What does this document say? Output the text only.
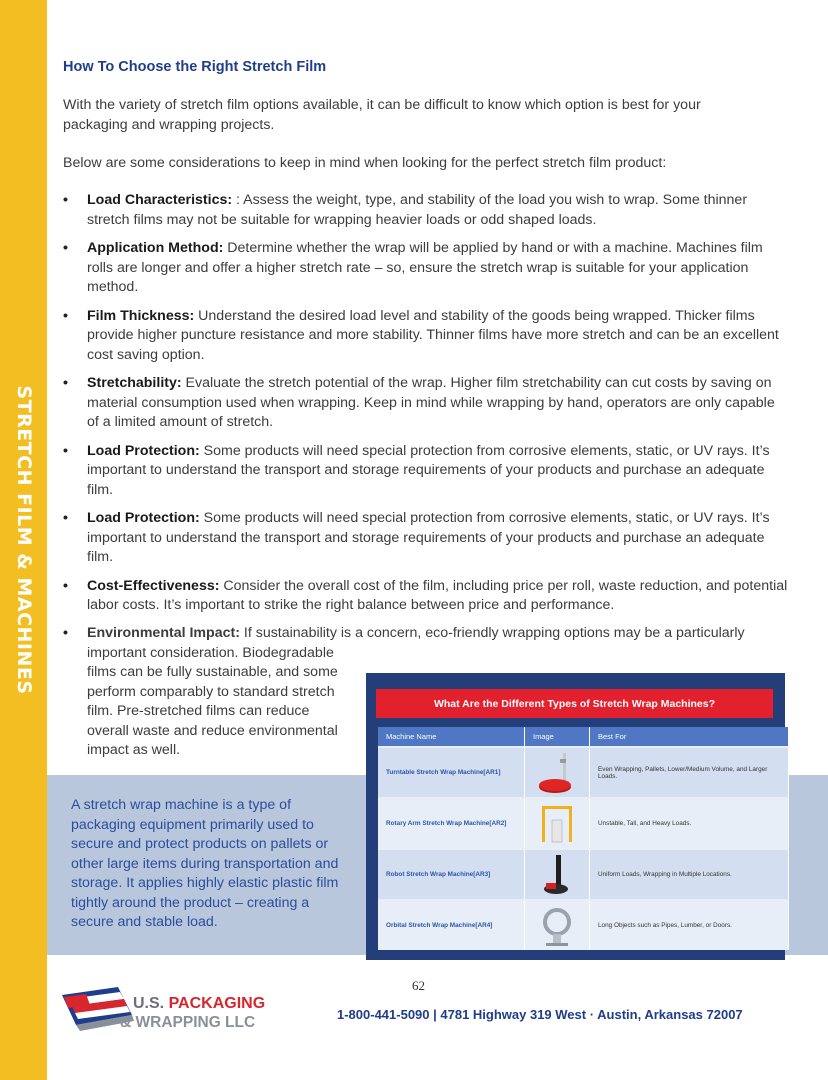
STRETCH FILM & MACHINES
How To Choose the Right Stretch Film
With the variety of stretch film options available, it can be difficult to know which option is best for your packaging and wrapping projects.
Below are some considerations to keep in mind when looking for the perfect stretch film product:
• Load Characteristics: : Assess the weight, type, and stability of the load you wish to wrap. Some thinner stretch films may not be suitable for wrapping heavier loads or odd shaped loads.
• Application Method: Determine whether the wrap will be applied by hand or with a machine. Machines film rolls are longer and offer a higher stretch rate – so, ensure the stretch wrap is suitable for your application method.
• Film Thickness: Understand the desired load level and stability of the goods being wrapped. Thicker films provide higher puncture resistance and more stability. Thinner films have more stretch and can be an excellent cost saving option.
• Stretchability: Evaluate the stretch potential of the wrap. Higher film stretchability can cut costs by saving on material consumption used when wrapping. Keep in mind while wrapping by hand, operators are only capable of a limited amount of stretch.
• Load Protection: Some products will need special protection from corrosive elements, static, or UV rays. It’s important to understand the transport and storage requirements of your products and purchase an adequate film.
• Load Protection: Some products will need special protection from corrosive elements, static, or UV rays. It’s important to understand the transport and storage requirements of your products and purchase an adequate film.
• Cost-Effectiveness: Consider the overall cost of the film, including price per roll, waste reduction, and potential labor costs. It’s important to strike the right balance between price and performance.
•	Environmental Impact: If sustainability is a concern, eco-friendly wrapping options may be a particularly
important consideration. Biodegradable films can be fully sustainable, and some perform comparably to standard stretch film. Pre-stretched films can reduce overall waste and reduce environmental impact as well.
A stretch wrap machine is a type of packaging equipment primarily used to secure and protect products on pallets or other large items during transportation and storage. It applies highly elastic plastic film tightly around the product – creating a secure and stable load.
What Are the Different Types of Stretch Wrap Machines?
Machine Name	Image	Best For
Turntable Stretch Wrap Machine[AR1]		Even Wrapping, Pallets, Lower/Medium Volume, and Larger Loads.
Rotary Arm Stretch Wrap Machine[AR2]		Unstable, Tall, and Heavy Loads.
Robot Stretch Wrap Machine[AR3]		Uniform Loads, Wrapping in Multiple Locations.
Orbital Stretch Wrap Machine[AR4]		Long Objects such as Pipes, Lumber, or Doors.
62
U.S. PACKAGING
& WRAPPING LLC	1-800-441-5090 | 4781 Highway 319 West · Austin, Arkansas 72007
